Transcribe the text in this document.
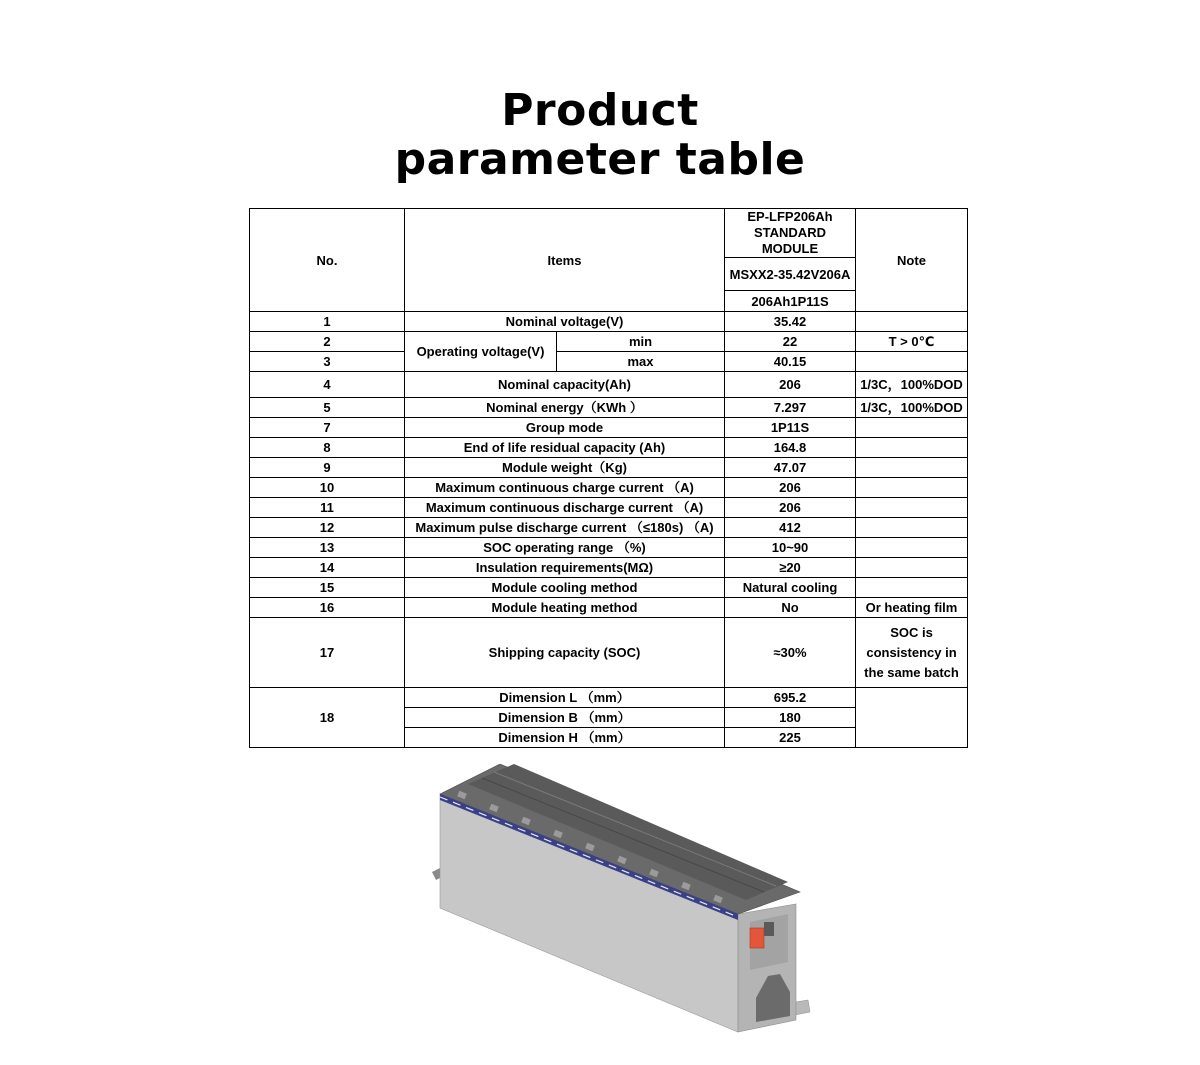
Product
parameter table
No.	Items		EP-LFP206Ah STANDARD MODULE	Note
			MSXX2-35.42V206A	
			206Ah1P11S	
1	Nominal voltage(V)		35.42	
2	Operating voltage(V)	min	22	T > 0℃
3		max	40.15	
4	Nominal capacity(Ah)		206	1/3C，100%DOD
5	Nominal energy（KWh ）		7.297	1/3C，100%DOD
7	Group mode		1P11S	
8	End of life residual capacity (Ah)		164.8	
9	Module weight（Kg)		47.07	
10	Maximum continuous charge current （A)		206	
11	Maximum continuous discharge current （A)		206	
12	Maximum pulse discharge current （≤180s) （A)		412	
13	SOC operating range （%)		10~90	
14	Insulation requirements(MΩ)		≥20	
15	Module cooling method		Natural cooling	
16	Module heating method		No	Or heating film
17	Shipping capacity (SOC)		≈30%	SOC is consistency in the same batch
18	Dimension L （mm）		695.2	
	Dimension B （mm）		180	
	Dimension H （mm）		225	
